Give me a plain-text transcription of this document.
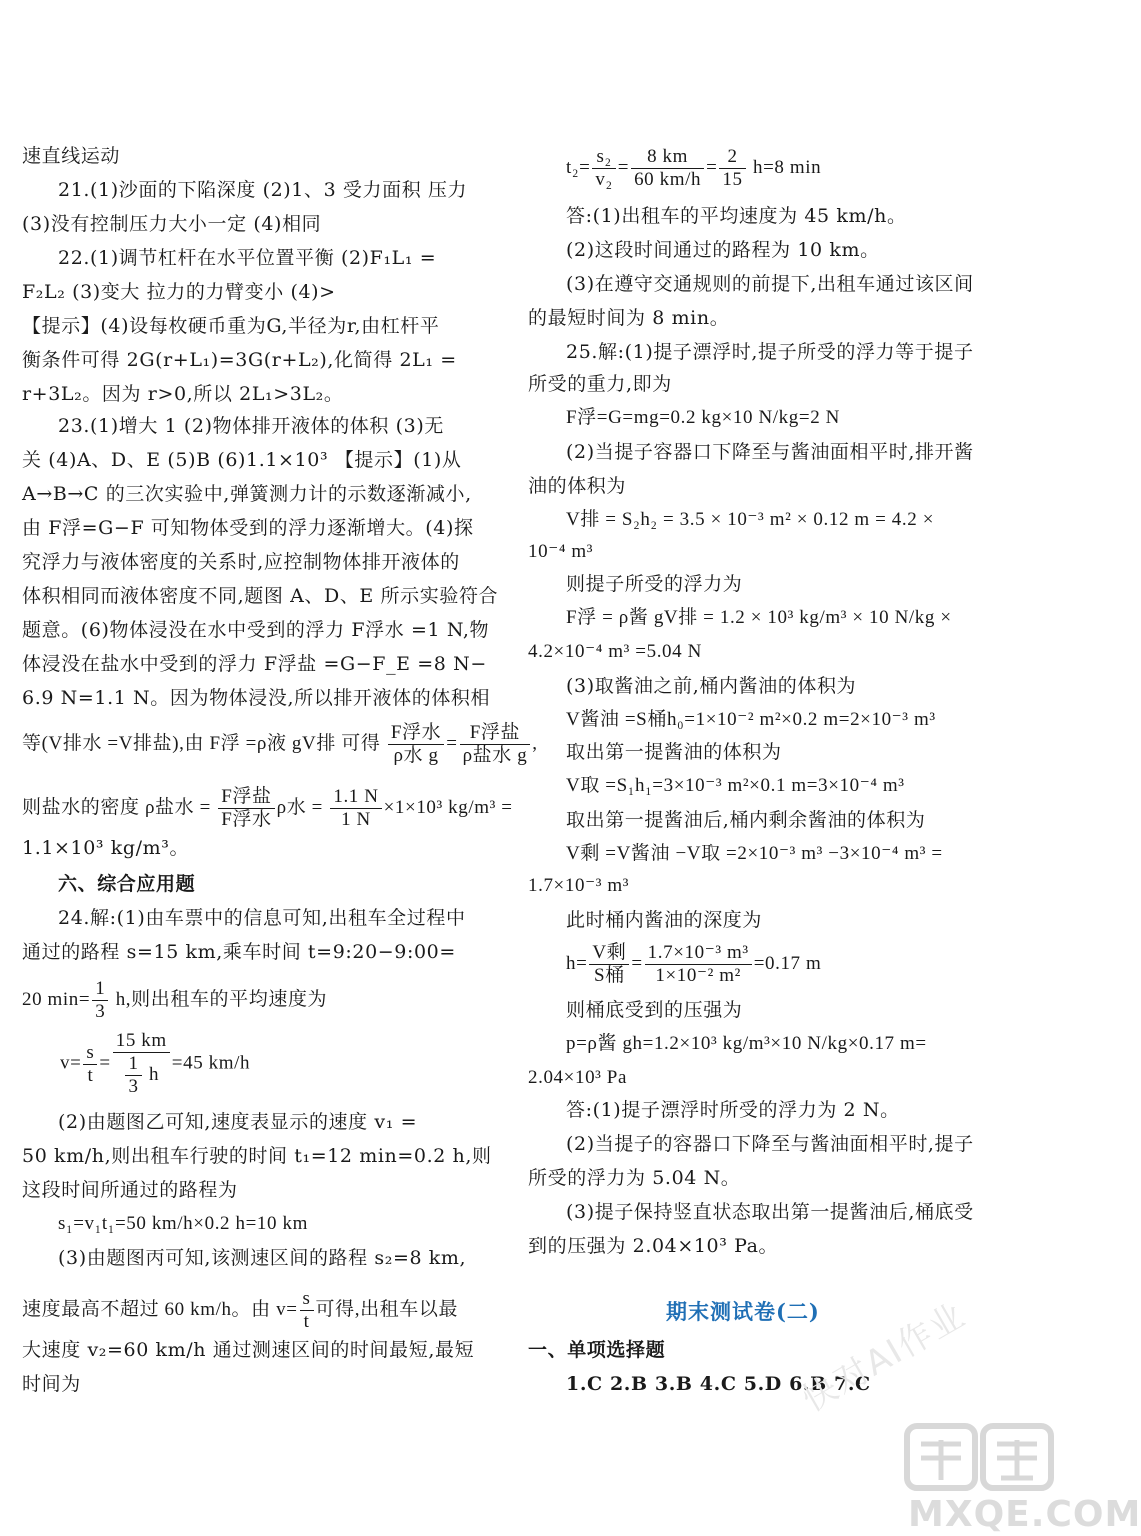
速直线运动
21.(1)沙面的下陷深度 (2)1、3 受力面积 压力
(3)没有控制压力大小一定 (4)相同
22.(1)调节杠杆在水平位置平衡 (2)F₁L₁ =
F₂L₂ (3)变大 拉力的力臂变小 (4)>
【提示】(4)设每枚硬币重为G,半径为r,由杠杆平
衡条件可得 2G(r+L₁)=3G(r+L₂),化简得 2L₁ =
r+3L₂。因为 r>0,所以 2L₁>3L₂。
23.(1)增大 1 (2)物体排开液体的体积 (3)无
关 (4)A、D、E (5)B (6)1.1×10³ 【提示】(1)从
A→B→C 的三次实验中,弹簧测力计的示数逐渐减小,
由 F浮=G−F 可知物体受到的浮力逐渐增大。(4)探
究浮力与液体密度的关系时,应控制物体排开液体的
体积相同而液体密度不同,题图 A、D、E 所示实验符合
题意。(6)物体浸没在水中受到的浮力 F浮水 =1 N,物
体浸没在盐水中受到的浮力 F浮盐 =G−F_E =8 N−
6.9 N=1.1 N。因为物体浸没,所以排开液体的体积相
等(V排水 =V排盐),由 F浮 =ρ液 gV排 可得 $\frac{\text{F浮水}}{\text{ρ水 g}} = \frac{\text{F浮盐}}{\text{ρ盐水 g}}$ ,
则盐水的密度 ρ盐水 = $\frac{\text{F浮盐}}{\text{F浮水}}$ ρ水 = $\frac{1.1 N}{1 N} \times 1\times 10^3$ kg/m³ =
1.1×10³ kg/m³。
六、综合应用题
24.解:(1)由车票中的信息可知,出租车全过程中
通过的路程 s=15 km,乘车时间 t=9:20−9:00=
20 $\min= \frac{1}{3} h$,则出租车的平均速度为
$v= \frac{s}{t} = \frac{15 km}{\frac{1}{3} h} =45$ km/h
(2)由题图乙可知,速度表显示的速度 v₁ =
50 km/h,则出租车行驶的时间 t₁=12 min=0.2 h,则
这段时间所通过的路程为
s₁=v₁t₁=50 km/h×0.2 h=10 km
(3)由题图丙可知,该测速区间的路程 s₂=8 km,
速度最高不超过 60 km/h。由 $v= \frac{s}{t}$ 可得,出租车以最
大速度 v₂=60 km/h 通过测速区间的时间最短,最短
时间为
$t_2= \frac{\text{s₂}}{\text{v₂}} = \frac{8 km}{60 km/h} = \frac{2}{15} h=8$ min
答:(1)出租车的平均速度为 45 km/h。
(2)这段时间通过的路程为 10 km。
(3)在遵守交通规则的前提下,出租车通过该区间
的最短时间为 8 min。
25.解:(1)提子漂浮时,提子所受的浮力等于提子
所受的重力,即为
F浮=G=mg=0.2 kg×10 N/kg=2 N
(2)当提子容器口下降至与酱油面相平时,排开酱
油的体积为
V排 = S₂h₂ = 3.5 × 10⁻³ m² × 0.12 m = 4.2 ×
10⁻⁴ m³
则提子所受的浮力为
F浮 = ρ酱 gV排 = 1.2 × 10³ kg/m³ × 10 N/kg ×
4.2×10⁻⁴ m³ =5.04 N
(3)取酱油之前,桶内酱油的体积为
V酱油 =S桶h₀=1×10⁻² m²×0.2 m=2×10⁻³ m³
取出第一提酱油的体积为
V取 =S₁h₁=3×10⁻³ m²×0.1 m=3×10⁻⁴ m³
取出第一提酱油后,桶内剩余酱油的体积为
V剩 =V酱油 −V取 =2×10⁻³ m³ −3×10⁻⁴ m³ =
1.7×10⁻³ m³
此时桶内酱油的深度为
$h= \frac{\text{V剩}}{\text{S桶}} = \frac{\text{1.7×10⁻³ m³}}{\text{1×10⁻² m²}} =0.17$ m
则桶底受到的压强为
p=ρ酱 gh=1.2×10³ kg/m³×10 N/kg×0.17 m=
2.04×10³ Pa
答:(1)提子漂浮时所受的浮力为 2 N。
(2)当提子的容器口下降至与酱油面相平时,提子
所受的浮力为 5.04 N。
(3)提子保持竖直状态取出第一提酱油后,桶底受
到的压强为 2.04×10³ Pa。
期末测试卷(二)
一、单项选择题
1.C 2.B 3.B 4.C 5.D 6.B 7.C
快对AI作业
MXQE.COM
